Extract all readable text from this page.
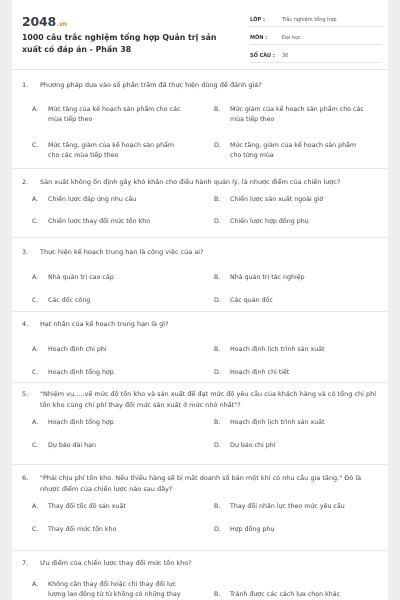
2048.vn
1000 câu trắc nghiệm tổng hợp Quản trị sản xuất có đáp án - Phần 38
LỚP :	Trắc nghiệm tổng hợp
MÔN :	Đại học
SỐ CÂU :	30
1.	Phương pháp dựa vào số phần trăm đã thực hiện dùng để đánh giá?
A.	Mức tăng của kế hoạch sản phẩm cho các mùa tiếp theo
B.	Mức giảm của kế hoạch sản phẩm cho các mùa tiếp theo
C.	Mức tăng, giảm của kế hoạch sản phẩm cho các mùa tiếp theo
D.	Mức tăng, giảm của kế hoạch sản phẩm cho từng mùa
2.	Sản xuất không ổn định gây khó khăn cho điều hành quản lý, là nhược điểm của chiến lược?
A.	Chiến lược đáp ứng nhu cầu	B.	Chiến lược sản xuất ngoài giờ
C.	Chiến lược thay đổi mức tồn kho	D.	Chiến lược hợp đồng phụ
3.	Thực hiện kế hoạch trung hạn là công việc của ai?
A.	Nhà quản trị cao cấp	B.	Nhà quản trị tác nghiệp
C.	Các đốc công	D.	Các quản đốc
4.	Hạt nhân của kế hoạch trung hạn là gì?
A.	Hoạch định chi phí	B.	Hoạch định lịch trình sản xuất
C.	Hoạch định tổng hợp	D.	Hoạch định chi tiết
5.	"Nhiệm vụ.....về mức độ tồn kho và sản xuất để đạt mức độ yêu cầu của khách hàng và có tổng chi phí tồn kho cùng chi phí thay đổi mức sản xuất ở mức nhỏ nhất"?
A.	Hoạch định tổng hợp	B.	Hoạch định lịch trình sản xuất
C.	Dự báo dài hạn	D.	Dự báo chi phí
6.	"Phải chịu phí tồn kho. Nếu thiếu hàng sẽ bị mất doanh số bán một khi có nhu cầu gia tăng." Đó là nhược điểm của chiến lược nào sau đây?
A.	Thay đổi tốc độ sản xuất	B.	Thay đổi nhân lực theo mức yêu cầu
C.	Thay đổi mức tồn kho	D.	Hợp đồng phụ
7.	Ưu điểm của chiến lược thay đổi mức tồn kho?
A.	Không cần thay đổi hoặc chỉ thay đổi lực lượng lao động từ từ không có những thay	B.	Tránh được các cách lựa chọn khác
